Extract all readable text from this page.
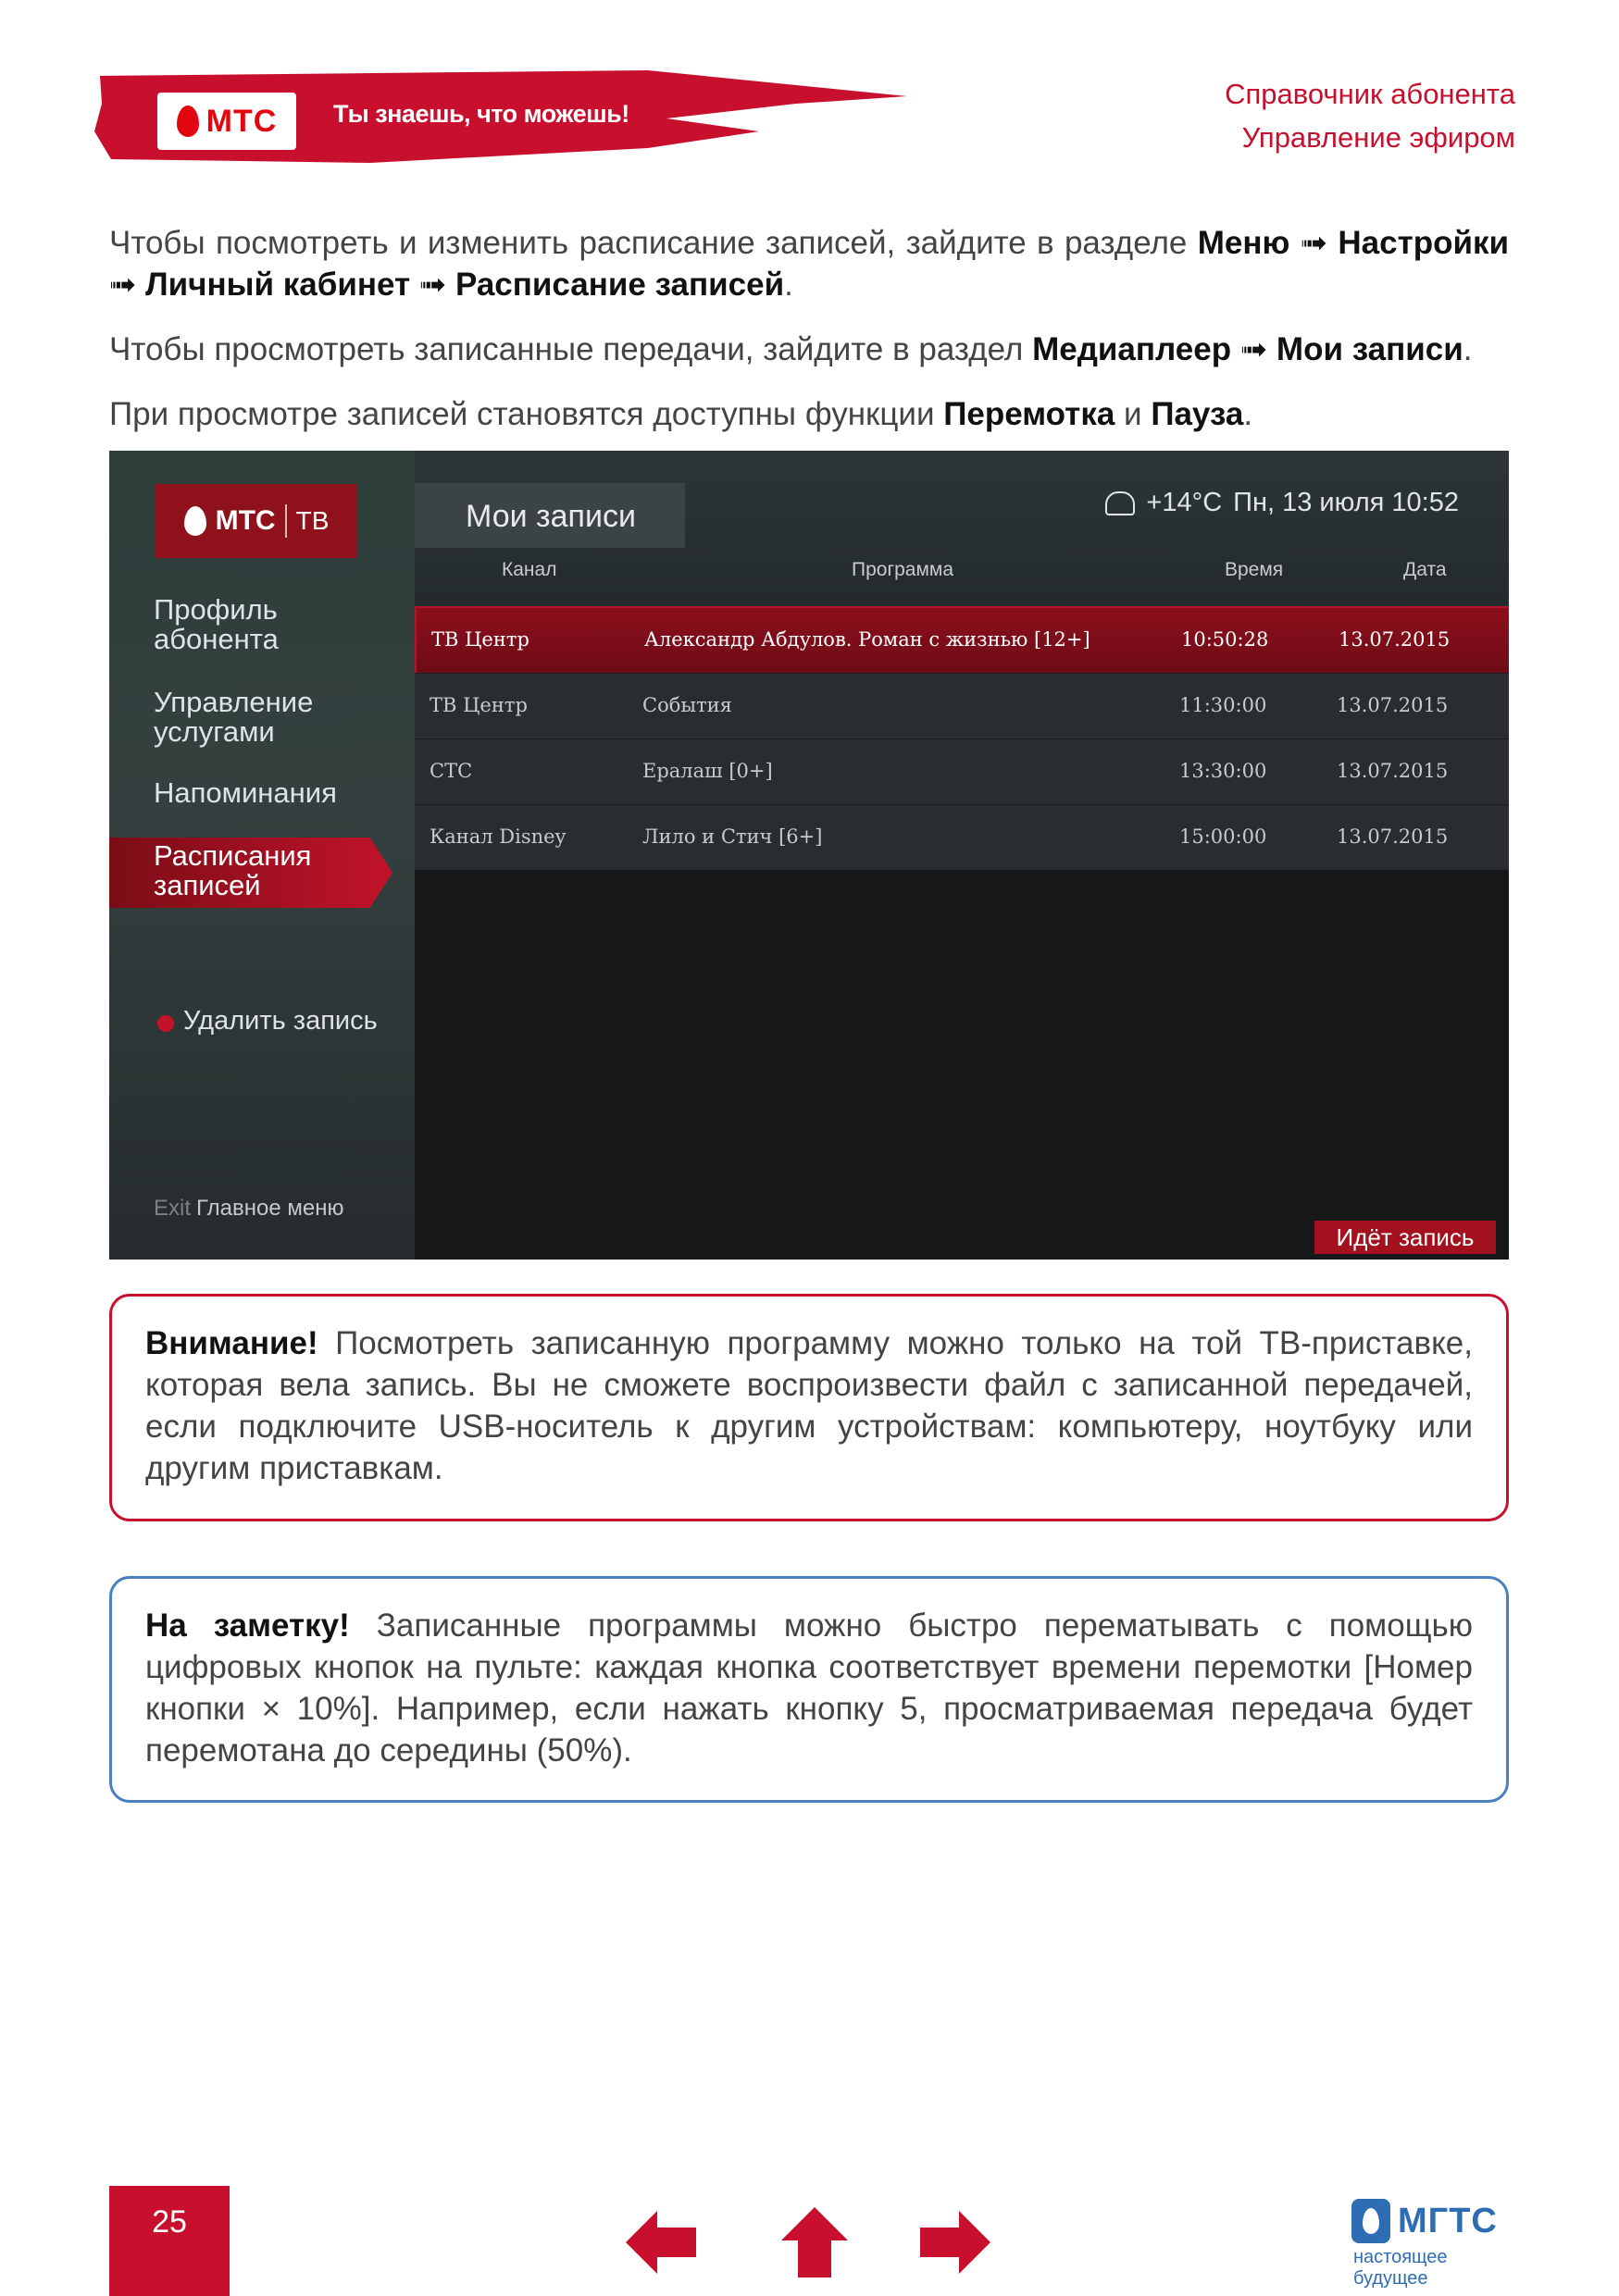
МТС Ты знаешь, что можешь!
Справочник абонента
Управление эфиром
Чтобы посмотреть и изменить расписание записей, зайдите в разделе Меню ➟ Настройки ➟ Личный кабинет ➟ Расписание записей.
Чтобы просмотреть записанные передачи, зайдите в раздел Медиаплеер ➟ Мои записи.
При просмотре записей становятся доступны функции Перемотка и Пауза.
МТС ТВ
Профиль абонента
Управление услугами
Напоминания
Расписания записей
Удалить запись
Exit Главное меню
Мои записи	+14°C Пн, 13 июля 10:52
Канал	Программа	Время	Дата
ТВ Центр	Александр Абдулов. Роман с жизнью [12+]	10:50:28	13.07.2015
ТВ Центр	События	11:30:00	13.07.2015
СТС	Ералаш [0+]	13:30:00	13.07.2015
Канал Disney	Лило и Стич [6+]	15:00:00	13.07.2015
Идёт запись
Внимание! Посмотреть записанную программу можно только на той ТВ-приставке, которая вела запись. Вы не сможете воспроизвести файл с записанной передачей, если подключите USB-носитель к другим устройствам: компьютеру, ноутбуку или другим приставкам.
На заметку! Записанные программы можно быстро перематывать с помощью цифровых кнопок на пульте: каждая кнопка соответствует времени перемотки [Номер кнопки × 10%]. Например, если нажать кнопку 5, просматриваемая передача будет перемотана до середины (50%).
25	МГТС
настоящее будущее
